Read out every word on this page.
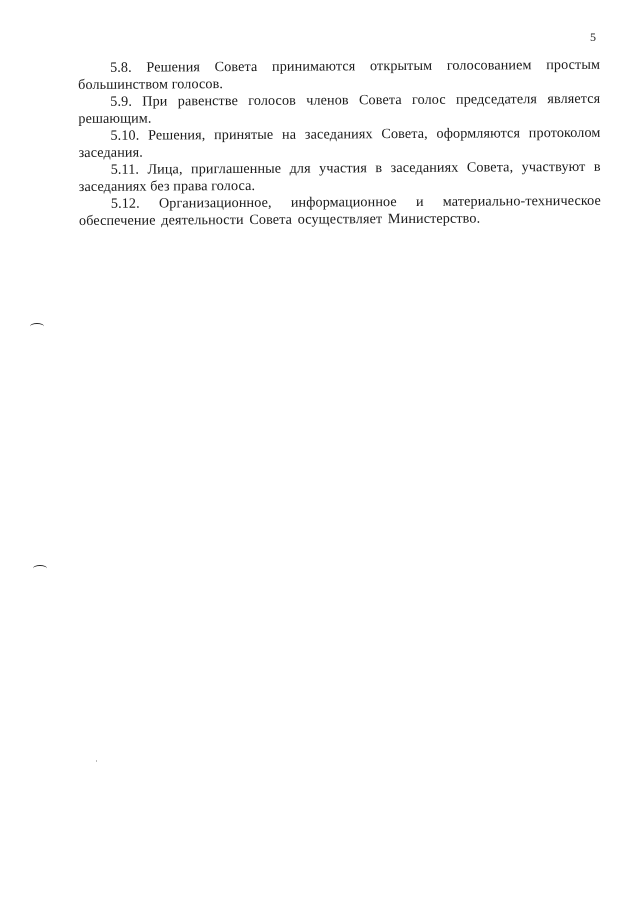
5

5.8. Решения Совета принимаются открытым голосованием простым большинством голосов.

5.9. При равенстве голосов членов Совета голос председателя является решающим.

5.10. Решения, принятые на заседаниях Совета, оформляются протоколом заседания.

5.11. Лица, приглашенные для участия в заседаниях Совета, участвуют в заседаниях без права голоса.

5.12. Организационное, информационное и материально-техническое обеспечение деятельности Совета осуществляет Министерство.
